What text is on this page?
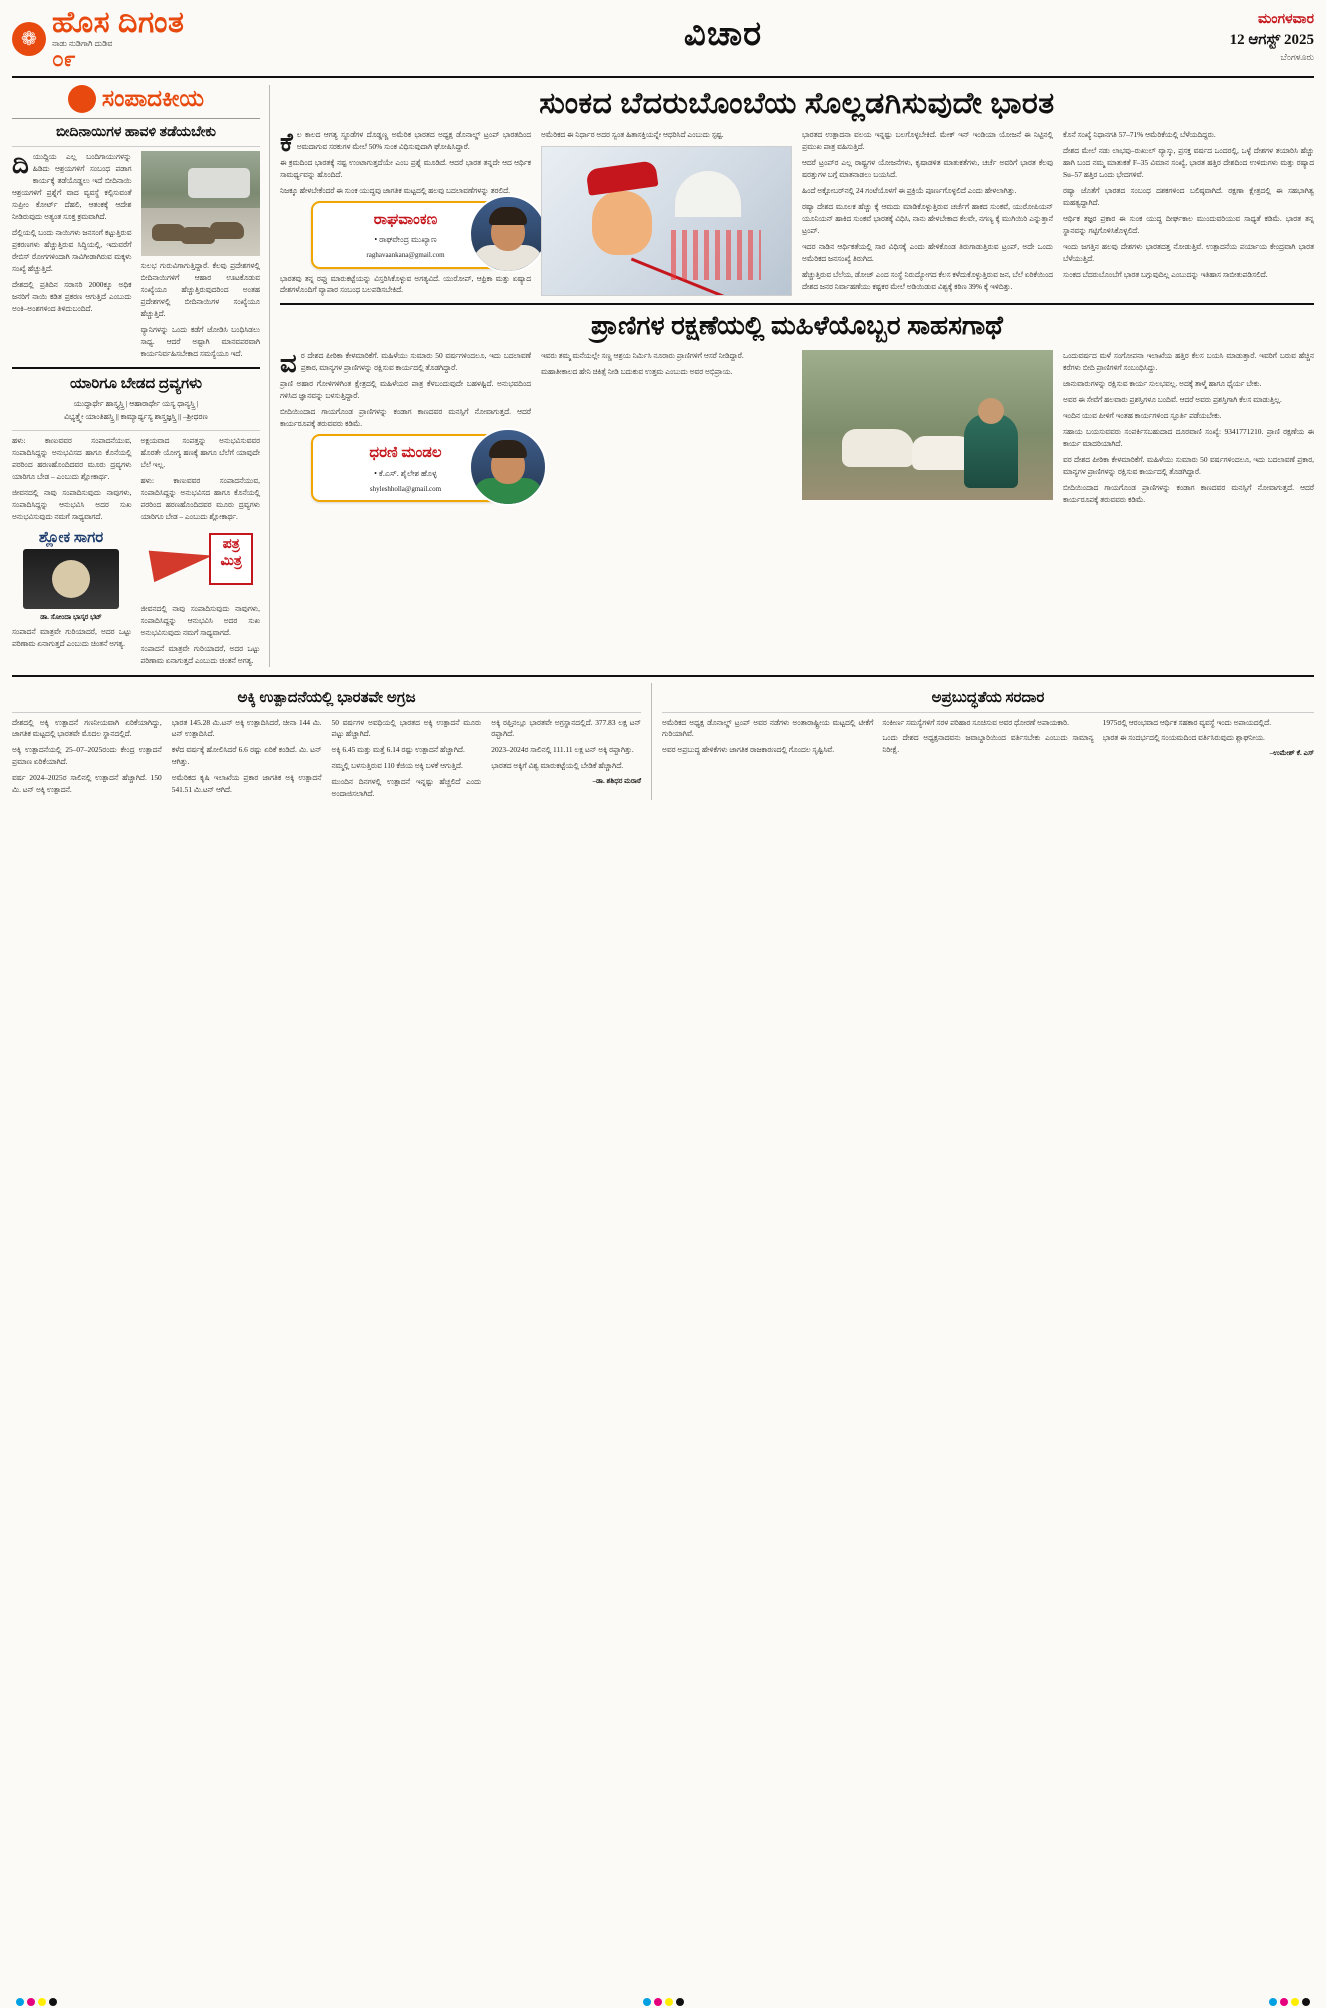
❁ ಹೊಸ ದಿಗಂತ
ನಾಡು ನುಡಿಗಾಗಿ ದುಡಿವ
೦೯
ವಿಚಾರ	ಮಂಗಳವಾರ
12 ಆಗಸ್ಟ್ 2025
ಬೆಂಗಳೂರು
ಸಂಪಾದಕೀಯ
ಬೀದಿನಾಯಿಗಳ ಹಾವಳಿ ತಡೆಯಬೇಕು

ದಿಯುದ್ದಿಯ ಎಲ್ಲ ಬಂದಿಗಾಯುಗಳನ್ನು ಹಿಡಿದು ಆಶ್ರಯಗಳಿಗೆ ಸಂಬಂಧ ಪಡಾಗ ಕಾರ್ಯಕ್ಕೆ ತಡೆಯೊಡ್ಡಲು ಇದೆ ಬೀದಿನಾಯಿ ಆಶ್ರಯಗಳಿಗೆ ಪ್ರಶ್ನೆಗೆ ವಾದ ವ್ಯವಸ್ಥೆ ಕಲ್ಪಿಸುವಂತೆ ಸುಪ್ರೀಂ ಕೋರ್ಟ್ ದೆಹಲಿ, ಆತಂಕಕ್ಕೆ ಆದೇಶ ನೀಡಿರುವುದು ಅತ್ಯಂತ ಸೂಕ್ತ ಕ್ರಮವಾಗಿದೆ.

ದೆಲ್ಲಿಯಲ್ಲಿ ಬಂದು ನಾಯಿಗಳು ಜನಸಂಗೆ ಕಟ್ಟುತ್ತಿರುವ ಪ್ರಕರಣಗಳು ಹೆಚ್ಚುತ್ತಿರುವ ಸಿದ್ಧಿಯಲ್ಲಿ, ಇದುವರೆಗೆ ರೇಬಿಸ್ ರೋಗಗಳಿಂದಾಗಿ ಸಾವಿಗೀಡಾಗಿರುವ ಮಕ್ಕಳು ಸಂಖ್ಯೆ ಹೆಚ್ಚುತ್ತಿದೆ.

ದೇಶದಲ್ಲಿ ಪ್ರತಿದಿನ ಸರಾಸರಿ 2000ಕ್ಕೂ ಅಧಿಕ ಜನರಿಗೆ ನಾಯಿ ಕಡಿತ ಪ್ರಕರಣ ಆಗುತ್ತಿದೆ ಎಂಬುದು ಅಂಕಿ–ಅಂಶಗಳಿಂದ ತಿಳಿದುಬಂದಿದೆ.

ಸುಲಭ ಗುರುವಿಗಾಗುತ್ತಿದ್ದಾರೆ. ಕೆಲವು ಪ್ರದೇಶಗಳಲ್ಲಿ ಬೀದಿನಾಯಿಗಳಿಗೆ ಆಹಾರ ಊಟಕೊಡುವ ಸಂಖ್ಯೆಯೂ ಹೆಚ್ಚುತ್ತಿರುವುದರಿಂದ ಅಂತಹ ಪ್ರದೇಶಗಳಲ್ಲಿ ಬೀದಿನಾಯಿಗಳ ಸಂಖ್ಯೆಯೂ ಹೆಚ್ಚುತ್ತಿದೆ.

ವ್ಯಾನಿಗಳನ್ನು ಒಂದು ಕಡೆಗೆ ಜೋಡಿಸಿ ಬಂಧಿಸಿಡಲು ಸಾಧ್ಯ. ಆದರೆ ಅಷ್ಟಾಗಿ ಮಾನವಪರವಾಗಿ ಕಾರ್ಯನಿರ್ವಹಿಸಬೇಕಾದ ಸಮಸ್ಯೆಯೂ ಇದೆ.

ಯಾರಿಗೂ ಬೇಡದ ದ್ರವ್ಯಗಳು
ಯುದ್ಧಾರ್ಥೇ ಹಾಸ್ತ್ಯಸ್ತ್ರಿ | ಆಹಾರಾರ್ಥೇ ಯಸ್ಯ ಧಾನ್ಯಸ್ತ್ರಿ |
ವಿಭ್ಯತ್ತ್ವೇ ಯಾಂತಿಹಸ್ತ್ರಿ || ಕಾಮ್ಯಾರ್ಥ್ಯಸ್ಯ ಶಾಸ್ತ್ರಜ್ಞಸ್ತ್ರಿ || –ಶ್ರೀಧರಣ

ಹಳು: ಕಾಣುವವರ ಸಂಪಾದನೆಯುವ, ಸಂಪಾದಿಸಿದ್ದನ್ನು ಅನುಭವಿಸದ ಹಾಗೂ ಕೊನೆಯಲ್ಲಿ ಪರರಿಂದ ಹರಣಹೊಂದಿದವರ ಮೂರು ದ್ರವ್ಯಗಳು ಯಾರಿಗೂ ಬೇಡ – ಎಂಬುದು ಶ್ಲೋಕಾರ್ಥ.

ಜೀವನದಲ್ಲಿ ನಾವು ಸಂಪಾದಿಸುವುದು ನಾವುಗಳು, ಸಂಪಾದಿಸಿದ್ದನ್ನು ಆನುಭವಿಸಿ ಅದರ ಸುಖ ಅನುಭವಿಸುವುದು ನಮಗೆ ಸಾಧ್ಯವಾಗದೆ.

ಶ್ಲೋಕ ಸಾಗರ
ಡಾ. ಸೋಂದಾ ಭಾಸ್ಕರ ಭಟ್

ಸಂಪಾದನೆ ಮಾತ್ರವೇ ಗುರಿಯಾದರೆ, ಅದರ ಒಟ್ಟು ಪರಿಣಾಮ ಏನಾಗುತ್ತದೆ ಎಂಬುದು ಚಿಂತನೆ ಅಗತ್ಯ.

ಅಕ್ಷಯವಾದ ಸಂಪತ್ತನ್ನು ಅನುಭವಿಸುವವರ ಹೊರತೇ ಯೋಗ್ಯ ಹಣಕ್ಕೆ ಹಾಗೂ ಬೆಲೆಗೆ ಯಾವುದೇ ಬೆಲೆ ಇಲ್ಲ.

ಹಳು: ಕಾಣುವವರ ಸಂಪಾದನೆಯುವ, ಸಂಪಾದಿಸಿದ್ದನ್ನು ಅನುಭವಿಸದ ಹಾಗೂ ಕೊನೆಯಲ್ಲಿ ಪರರಿಂದ ಹರಣಹೊಂದಿದವರ ಮೂರು ದ್ರವ್ಯಗಳು ಯಾರಿಗೂ ಬೇಡ – ಎಂಬುದು ಶ್ಲೋಕಾರ್ಥ.

ಪತ್ರ
ಮಿತ್ರ

ಜೀವನದಲ್ಲಿ ನಾವು ಸಂಪಾದಿಸುವುದು ನಾವುಗಳು, ಸಂಪಾದಿಸಿದ್ದನ್ನು ಆನುಭವಿಸಿ ಅದರ ಸುಖ ಅನುಭವಿಸುವುದು ನಮಗೆ ಸಾಧ್ಯವಾಗದೆ.

ಸಂಪಾದನೆ ಮಾತ್ರವೇ ಗುರಿಯಾದರೆ, ಅದರ ಒಟ್ಟು ಪರಿಣಾಮ ಏನಾಗುತ್ತದೆ ಎಂಬುದು ಚಿಂತನೆ ಅಗತ್ಯ.

ಸುಂಕದ ಬೆದರುಬೊಂಬೆಯ ಸೊಲ್ಲಡಗಿಸುವುದೇ ಭಾರತ

ಕೆಲ ಕಾಲದ ಆಗತ್ಯ ಸ್ಥೂಡೆಗಳ ದೊಡ್ಡಣ್ಣ ಅಮೆರಿಕ ಭಾರತದ ಅಧ್ಯಕ್ಷ ಡೊನಾಲ್ಡ್ ಟ್ರಂಪ್ ಭಾರತದಿಂದ ಅಮದಾಗುವ ಸರಕುಗಳ ಮೇಲೆ 50% ಸುಂಕ ವಿಧಿಸುವುದಾಗಿ ಘೋಷಿಸಿದ್ದಾರೆ.

ಈ ಕ್ರಮದಿಂದ ಭಾರತಕ್ಕೆ ನಷ್ಟ ಉಂಟಾಗುತ್ತದೆಯೇ ಎಂಬ ಪ್ರಶ್ನೆ ಮೂಡಿದೆ. ಆದರೆ ಭಾರತ ತನ್ನದೇ ಆದ ಆರ್ಥಿಕ ಸಾಮರ್ಥ್ಯವನ್ನು ಹೊಂದಿದೆ.

ನಿಜಕ್ಕೂ ಹೇಳಬೇಕೆಂದರೆ ಈ ಸುಂಕ ಯುದ್ಧವು ಜಾಗತಿಕ ಮಟ್ಟದಲ್ಲಿ ಹಲವು ಬದಲಾವಣೆಗಳನ್ನು ತರಲಿದೆ.

ರಾಘವಾಂಕಣ
• ರಾಘವೇಂದ್ರ ಮುಖ್ಯಾಣ
raghavaankana@gmail.com

ಭಾರತವು ತನ್ನ ರಫ್ತು ಮಾರುಕಟ್ಟೆಯನ್ನು ವಿಸ್ತರಿಸಿಕೊಳ್ಳುವ ಅಗತ್ಯವಿದೆ. ಯುರೋಪ್, ಆಫ್ರಿಕಾ ಮತ್ತು ಏಷ್ಯಾದ ದೇಶಗಳೊಂದಿಗೆ ವ್ಯಾಪಾರ ಸಂಬಂಧ ಬಲಪಡಿಸಬೇಕಿದೆ.

ಅಮೆರಿಕದ ಈ ನಿರ್ಧಾರ ಅದರ ಸ್ವಂತ ಹಿತಾಸಕ್ತಿಯನ್ನೇ ಆಧರಿಸಿದೆ ಎಂಬುದು ಸ್ಪಷ್ಟ.	ಭಾರತದ ಉತ್ಪಾದನಾ ವಲಯ ಇನ್ನಷ್ಟು ಬಲಗೊಳ್ಳಬೇಕಿದೆ. ಮೇಕ್ ಇನ್ ಇಂಡಿಯಾ ಯೋಜನೆ ಈ ನಿಟ್ಟಿನಲ್ಲಿ ಪ್ರಮುಖ ಪಾತ್ರ ವಹಿಸುತ್ತಿದೆ.

ಆದರೆ ಟ್ರಂಪ್‌ರ ಎಲ್ಲ ರಾಷ್ಟ್ರಗಳ ಯೋಜನೆಗಳು, ಕೃಷಾಡಳಿತ ಮಾತುಕತೆಗಳು, ಚರ್ಚೆ ಅವರಿಗೆ ಭಾರತ ಕೆಲವು ಷರತ್ತುಗಳ ಬಗ್ಗೆ ಮಾತನಾಡಲು ಬಯಸಿದೆ.

ಹಿಂದೆ ಅಕ್ಟೋಬರ್‌ನಲ್ಲಿ 24 ಗಂಟೆಯೊಳಗೆ ಈ ಪ್ರಕ್ರಿಯೆ ಪೂರ್ಣಗೊಳ್ಳಲಿದೆ ಎಂದು ಹೇಳಲಾಗಿತ್ತು.

ರಷ್ಯಾ ದೇಶದ ಮೂಲಕ ಹೆಚ್ಚು ಕ್ಕೆ ಆಮದು ಮಾಡಿಕೊಳ್ಳುತ್ತಿರುವ ಚರ್ಚೆಗೆ ಹಾಕದ ಸುಂಕವೆ, ಯುರೋಪಿಯನ್ ಯೂನಿಯನ್ ಹಾಕಿದ ಸುಂಕವೆ ಭಾರತಕ್ಕೆ ವಿಧಿಸಿ, ನಾನು ಹೇಳಬೇಕಾದ ಕೆಲವೇ, ನಗಣ್ಯ ಕ್ಕೆ ಮುಗಿಯಿರಿ ಎನ್ನುತ್ತಾನೆ ಟ್ರಂಪ್.

ಇದರ ನಾಡಿನ ಆರ್ಥಿಕತೆಯಲ್ಲಿ ಸಾರ ವಿಧಿಸಕ್ಕೆ ಎಂದು ಹೇಳಿಕೊಂಡ ತಿರುಗಾಡುತ್ತಿರುವ ಟ್ರಂಪ್, ಅದೇ ಒಂದು ಅಮೆರಿಕದ ಜನಸಂಖ್ಯೆ ತಿರುಗಿದ.

ಹೆಚ್ಚುತ್ತಿರುವ ಬೆಲೆಯ, ಡೋಜ್ ಎಂದ ಸಂಸ್ಥೆ ನಿರುದ್ಯೋಗದ ಕೆಲಸ ಕಳೆದುಕೊಳ್ಳುತ್ತಿರುವ ಜನ, ಬೆಲೆ ಏರಿಕೆಯಿಂದ ದೇಶದ ಜನರ ನಿರ್ವಾಹಣೆಯು ಕಷ್ಟಕರ ಮೇಲೆ ಅಡಿಯಿಡುವ ವಿಶ್ವಕ್ಕೆ ಕಠಿಣ 39% ಕ್ಕೆ ಇಳಿದಿತ್ತು.

ಕೊನೆ ಸಂಖ್ಯೆ ನಿಧಾನಗತಿ 57–71% ಆಮೆರಿಕೆಯಲ್ಲಿ ಬೆಳೆಯದಿದ್ದರು.

ದೇಶದ ಮೇಲೆ ನಡು ಲಾಭವು–ರುಖುಲ್ ವ್ಯಾಸ್ಕು, ಪ್ರಸಕ್ತ ವರ್ಷದ ಒಂದರಲ್ಲಿ, ಒಳ್ಳೆ ದೇಶಗಳ ತಯಾರಿಸಿ ಹೆಚ್ಚು ಹಾಗಿ ಬಂದ ನಮ್ಮ ಮಾತುಕತೆ F–35 ವಿಮಾನ ಸಂಖ್ಯೆ, ಭಾರತ ಹತ್ತಿರ ದೇಶದಿಂದ ಉಳಿದುಗಳು ಮತ್ತು ರಷ್ಯಾದ Su–57 ಹತ್ತಿರ ಒಂದು ಭೇದಗಳಿವೆ.

ರಷ್ಯಾ ಜೊತೆಗೆ ಭಾರತದ ಸಂಬಂಧ ದಶಕಗಳಿಂದ ಬಲಿಷ್ಠವಾಗಿದೆ. ರಕ್ಷಣಾ ಕ್ಷೇತ್ರದಲ್ಲಿ ಈ ಸಹಭಾಗಿತ್ವ ಮಹತ್ವದ್ದಾಗಿದೆ.

ಆರ್ಥಿಕ ತಜ್ಞರ ಪ್ರಕಾರ ಈ ಸುಂಕ ಯುದ್ಧ ದೀರ್ಘಕಾಲ ಮುಂದುವರಿಯುವ ಸಾಧ್ಯತೆ ಕಡಿಮೆ. ಭಾರತ ತನ್ನ ಸ್ಥಾನವನ್ನು ಗಟ್ಟಿಗೊಳಿಸಿಕೊಳ್ಳಲಿದೆ.

ಇಂದು ಜಗತ್ತಿನ ಹಲವು ದೇಶಗಳು ಭಾರತದತ್ತ ನೋಡುತ್ತಿವೆ. ಉತ್ಪಾದನೆಯ ಪರ್ಯಾಯ ಕೇಂದ್ರವಾಗಿ ಭಾರತ ಬೆಳೆಯುತ್ತಿದೆ.

ಸುಂಕದ ಬೆದರುಬೊಂಬೆಗೆ ಭಾರತ ಬಗ್ಗುವುದಿಲ್ಲ ಎಂಬುದನ್ನು ಇತಿಹಾಸ ಸಾಬೀತುಪಡಿಸಲಿದೆ.

ಪ್ರಾಣಿಗಳ ರಕ್ಷಣೆಯಲ್ಲಿ ಮಹಿಳೆಯೊಬ್ಬರ ಸಾಹಸಗಾಥೆ

ವರ ದೇಶದ ಪೀಠಿಕಾ ಕೇಳಮಾರಿಕೆಗೆ. ಮಹಿಳೆಯು ಸುಮಾರು 50 ವರ್ಷಗಳಿಂದಲೂ, ಇದು ಬದಲಾವಣೆ ಪ್ರಕಾರ, ಮಾನ್ಯಗಳ ಪ್ರಾಣಿಗಳನ್ನು ರಕ್ಷಿಸುವ ಕಾರ್ಯದಲ್ಲಿ ತೊಡಗಿದ್ದಾರೆ.

ಪ್ರಾಣಿ ಅಹಾರ ಗೋಳಿಗಳಿಗಿಂತ ಕ್ಷೇತ್ರದಲ್ಲಿ ಮಹಿಳೆಯರ ಪಾತ್ರ ಕೆಳಬಂದುವುದೇ ಬಹಳಷ್ಟಿದೆ. ಅನುಭವದಿಂದ ಗಳಿಸಿದ ಜ್ಞಾನವನ್ನು ಬಳಸುತ್ತಿದ್ದಾರೆ.

ಬೀದಿಯಿಂದಾದ ಗಾಯಗೊಂಡ ಪ್ರಾಣಿಗಳನ್ನು ಕಂಡಾಗ ಕಾಣದವರ ಮನಸ್ಸಿಗೆ ನೋವಾಗುತ್ತದೆ. ಆದರೆ ಕಾರ್ಯರೂಪಕ್ಕೆ ತರುವವರು ಕಡಿಮೆ.

ಧರಣಿ ಮಂಡಲ
• ಕೆ.ಎಸ್. ಶೈಲೇಶ ಹೊಳ್ಳ
shyleshholla@gmail.com

ಇವರು ತಮ್ಮ ಮನೆಯಲ್ಲೇ ಸಣ್ಣ ಆಶ್ರಯ ನಿರ್ಮಿಸಿ ನೂರಾರು ಪ್ರಾಣಿಗಳಿಗೆ ಆಸರೆ ನೀಡಿದ್ದಾರೆ.

ಮಹಾತೀಕಾಲದ ಹೇನಿ ಚಿಕಿತ್ಸೆ ನೀಡಿ ಬದುಕುವ ಉತ್ತಮ ಎಂಬುದು ಅವರ ಅಭಿಪ್ರಾಯ.

ಒಂದುವರ್ಷದ ಮಳೆ ಸಂಗೋಪನಾ ಇಲಾಖೆಯ ಹತ್ತಿರ ಕೆಲಸ ಬಯಸಿ ಮಾಡುತ್ತಾರೆ. ಇವರಿಗೆ ಬರುವ ಹೆಚ್ಚಿನ ಕರೆಗಳು ಬೀದಿ ಪ್ರಾಣಿಗಳಿಗೆ ಸಂಬಂಧಿಸಿದ್ದು.

ಜಾನುವಾರುಗಳನ್ನು ರಕ್ಷಿಸುವ ಕಾರ್ಯ ಸುಲಭವಲ್ಲ. ಅದಕ್ಕೆ ತಾಳ್ಮೆ ಹಾಗೂ ಧೈರ್ಯ ಬೇಕು.

ಅವರ ಈ ಸೇವೆಗೆ ಹಲವಾರು ಪ್ರಶಸ್ತಿಗಳೂ ಬಂದಿವೆ. ಆದರೆ ಅವರು ಪ್ರಶಸ್ತಿಗಾಗಿ ಕೆಲಸ ಮಾಡುತ್ತಿಲ್ಲ.

ಇಂದಿನ ಯುವ ಪೀಳಿಗೆ ಇಂತಹ ಕಾರ್ಯಗಳಿಂದ ಸ್ಫೂರ್ತಿ ಪಡೆಯಬೇಕು.

ಸಹಾಯ ಬಯಸುವವರು ಸಂಪರ್ಕಿಸಬಹುದಾದ ದೂರವಾಣಿ ಸಂಖ್ಯೆ: 9341771210. ಪ್ರಾಣಿ ರಕ್ಷಣೆಯ ಈ ಕಾರ್ಯ ಮಾದರಿಯಾಗಿದೆ.

ವರ ದೇಶದ ಪೀಠಿಕಾ ಕೇಳಮಾರಿಕೆಗೆ. ಮಹಿಳೆಯು ಸುಮಾರು 50 ವರ್ಷಗಳಿಂದಲೂ, ಇದು ಬದಲಾವಣೆ ಪ್ರಕಾರ, ಮಾನ್ಯಗಳ ಪ್ರಾಣಿಗಳನ್ನು ರಕ್ಷಿಸುವ ಕಾರ್ಯದಲ್ಲಿ ತೊಡಗಿದ್ದಾರೆ.

ಬೀದಿಯಿಂದಾದ ಗಾಯಗೊಂಡ ಪ್ರಾಣಿಗಳನ್ನು ಕಂಡಾಗ ಕಾಣದವರ ಮನಸ್ಸಿಗೆ ನೋವಾಗುತ್ತದೆ. ಆದರೆ ಕಾರ್ಯರೂಪಕ್ಕೆ ತರುವವರು ಕಡಿಮೆ.

ಅಕ್ಕಿ ಉತ್ಪಾದನೆಯಲ್ಲಿ ಭಾರತವೇ ಅಗ್ರಜ

ದೇಶದಲ್ಲಿ ಅಕ್ಕಿ ಉತ್ಪಾದನೆ ಗಣನೀಯವಾಗಿ ಏರಿಕೆಯಾಗಿದ್ದು, ಜಾಗತಿಕ ಮಟ್ಟದಲ್ಲಿ ಭಾರತವೇ ಮೊದಲ ಸ್ಥಾನದಲ್ಲಿದೆ.

ಅಕ್ಕಿ ಉತ್ಪಾದನೆಯಲ್ಲಿ 25–07–2025ರಂದು ಕೇಂದ್ರ ಉತ್ಪಾದನೆ ಪ್ರಮಾಣ ಏರಿಕೆಯಾಗಿದೆ.

ವರ್ಷ 2024–2025ರ ಸಾಲಿನಲ್ಲಿ ಉತ್ಪಾದನೆ ಹೆಚ್ಚಾಗಿದೆ. 150 ಮಿ. ಟನ್ ಅಕ್ಕಿ ಉತ್ಪಾದನೆ.

ಭಾರತ 145.28 ಮಿ.ಟನ್ ಅಕ್ಕಿ ಉತ್ಪಾದಿಸಿದರೆ, ಚೀನಾ 144 ಮಿ. ಟನ್ ಉತ್ಪಾದಿಸಿದೆ.

ಕಳೆದ ವರ್ಷಕ್ಕೆ ಹೋಲಿಸಿದರೆ 6.6 ರಷ್ಟು ಏರಿಕೆ ಕಂಡಿದೆ. ಮಿ. ಟನ್ ಆಗಿತ್ತು.

ಅಮೆರಿಕದ ಕೃಷಿ ಇಲಾಖೆಯ ಪ್ರಕಾರ ಜಾಗತಿಕ ಅಕ್ಕಿ ಉತ್ಪಾದನೆ 541.51 ಮಿ.ಟನ್ ಆಗಿದೆ.

50 ವರ್ಷಗಳ ಅವಧಿಯಲ್ಲಿ ಭಾರತದ ಅಕ್ಕಿ ಉತ್ಪಾದನೆ ಮೂರು ಪಟ್ಟು ಹೆಚ್ಚಾಗಿದೆ.

ಅಕ್ಕಿ 6.45 ಮತ್ತು ಮತ್ತೆ 6.14 ರಷ್ಟು ಉತ್ಪಾದನೆ ಹೆಚ್ಚಾಗಿದೆ.

ನಮ್ಮಲ್ಲಿ ಬಳಸುತ್ತಿರುವ 110 ಕೆಜಿಯ ಅಕ್ಕಿ ಬಳಕೆ ಆಗುತ್ತಿದೆ.

ಮುಂದಿನ ದಿನಗಳಲ್ಲಿ ಉತ್ಪಾದನೆ ಇನ್ನಷ್ಟು ಹೆಚ್ಚಲಿದೆ ಎಂದು ಅಂದಾಜಿಸಲಾಗಿದೆ.

ಅಕ್ಕಿ ರಫ್ತಿನಲ್ಲೂ ಭಾರತವೇ ಅಗ್ರಸ್ಥಾನದಲ್ಲಿದೆ. 377.83 ಲಕ್ಷ ಟನ್ ರಫ್ತಾಗಿದೆ.

2023–2024ರ ಸಾಲಿನಲ್ಲಿ 111.11 ಲಕ್ಷ ಟನ್ ಅಕ್ಕಿ ರಫ್ತಾಗಿತ್ತು.

ಭಾರತದ ಅಕ್ಕಿಗೆ ವಿಶ್ವ ಮಾರುಕಟ್ಟೆಯಲ್ಲಿ ಬೇಡಿಕೆ ಹೆಚ್ಚಾಗಿದೆ.

–ಡಾ. ಶಶಿಧರ ಮರಾಠೆ

ಅಪ್ರಬುದ್ಧತೆಯ ಸರದಾರ

ಅಮೆರಿಕದ ಅಧ್ಯಕ್ಷ ಡೊನಾಲ್ಡ್ ಟ್ರಂಪ್ ಅವರ ನಡೆಗಳು ಅಂತಾರಾಷ್ಟ್ರೀಯ ಮಟ್ಟದಲ್ಲಿ ಟೀಕೆಗೆ ಗುರಿಯಾಗಿವೆ.

ಅವರ ಅಪ್ರಬುದ್ಧ ಹೇಳಿಕೆಗಳು ಜಾಗತಿಕ ರಾಜಕಾರಣದಲ್ಲಿ ಗೊಂದಲ ಸೃಷ್ಟಿಸಿವೆ.

ಸಂಕೀರ್ಣ ಸಮಸ್ಯೆಗಳಿಗೆ ಸರಳ ಪರಿಹಾರ ಸೂಚಿಸುವ ಅವರ ಧೋರಣೆ ಅಪಾಯಕಾರಿ.

ಒಂದು ದೇಶದ ಅಧ್ಯಕ್ಷನಾದವನು ಜವಾಬ್ದಾರಿಯಿಂದ ವರ್ತಿಸಬೇಕು ಎಂಬುದು ಸಾಮಾನ್ಯ ನಿರೀಕ್ಷೆ.

1975ರಲ್ಲಿ ಆರಂಭವಾದ ಆರ್ಥಿಕ ಸಹಕಾರ ವ್ಯವಸ್ಥೆ ಇಂದು ಅಪಾಯದಲ್ಲಿದೆ.

ಭಾರತ ಈ ಸಂದರ್ಭದಲ್ಲಿ ಸಂಯಮದಿಂದ ವರ್ತಿಸಿರುವುದು ಶ್ಲಾಘನೀಯ.

–ಉಮೇಶ್ ಕೆ. ಎಸ್
